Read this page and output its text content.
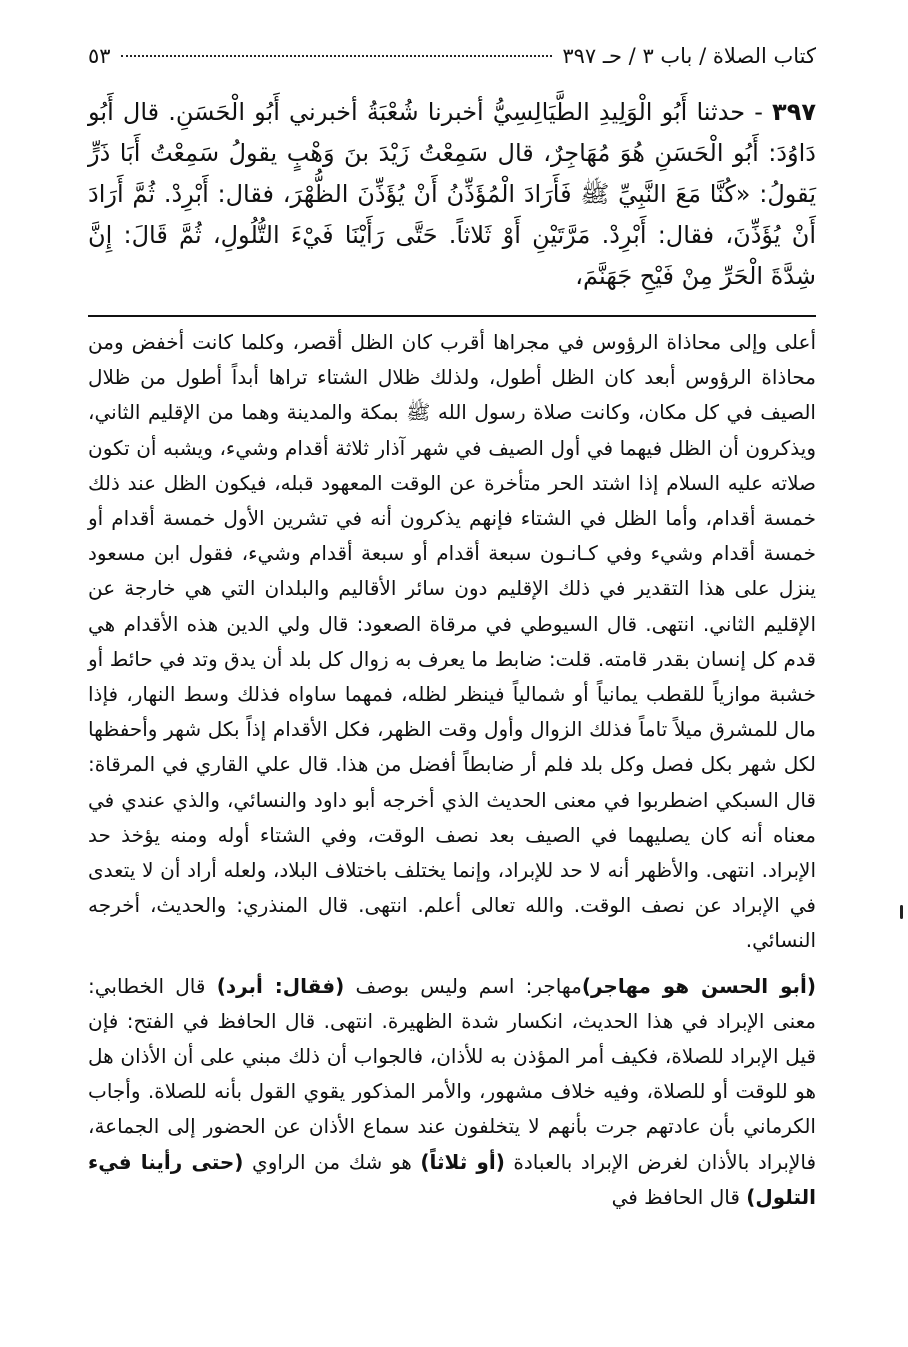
كتاب الصلاة / باب ٣ / حـ ٣٩٧
٥٣
٣٩٧ - حدثنا أَبُو الْوَلِيدِ الطَّيَالِسِيُّ أخبرنا شُعْبَةُ أخبرني أَبُو الْحَسَنِ. قال أَبُو دَاوُدَ: أَبُو الْحَسَنِ هُوَ مُهَاجِرٌ، قال سَمِعْتُ زَيْدَ بنَ وَهْبٍ يقولُ سَمِعْتُ أَبَا ذَرٍّ يَقولُ: «كُنَّا مَعَ النَّبِيِّ ﷺ فَأَرَادَ الْمُؤَذِّنُ أَنْ يُؤَذِّنَ الظُّهْرَ، فقال: أَبْرِدْ. ثُمَّ أَرَادَ أَنْ يُؤَذِّنَ، فقال: أَبْرِدْ. مَرَّتَيْنِ أَوْ ثَلاثاً. حَتَّى رَأَيْنَا فَيْءَ التُّلُولِ، ثُمَّ قَالَ: إِنَّ شِدَّةَ الْحَرِّ مِنْ فَيْحِ جَهَنَّمَ،

أعلى وإلى محاذاة الرؤوس في مجراها أقرب كان الظل أقصر، وكلما كانت أخفض ومن محاذاة الرؤوس أبعد كان الظل أطول، ولذلك ظلال الشتاء تراها أبداً أطول من ظلال الصيف في كل مكان، وكانت صلاة رسول الله ﷺ بمكة والمدينة وهما من الإقليم الثاني، ويذكرون أن الظل فيهما في أول الصيف في شهر آذار ثلاثة أقدام وشيء، ويشبه أن تكون صلاته عليه السلام إذا اشتد الحر متأخرة عن الوقت المعهود قبله، فيكون الظل عند ذلك خمسة أقدام، وأما الظل في الشتاء فإنهم يذكرون أنه في تشرين الأول خمسة أقدام أو خمسة أقدام وشيء وفي كـانـون سبعة أقدام أو سبعة أقدام وشيء، فقول ابن مسعود ينزل على هذا التقدير في ذلك الإقليم دون سائر الأقاليم والبلدان التي هي خارجة عن الإقليم الثاني. انتهى. قال السيوطي في مرقاة الصعود: قال ولي الدين هذه الأقدام هي قدم كل إنسان بقدر قامته. قلت: ضابط ما يعرف به زوال كل بلد أن يدق وتد في حائط أو خشبة موازياً للقطب يمانياً أو شمالياً فينظر لظله، فمهما ساواه فذلك وسط النهار، فإذا مال للمشرق ميلاً تاماً فذلك الزوال وأول وقت الظهر، فكل الأقدام إذاً بكل شهر وأحفظها لكل شهر بكل فصل وكل بلد فلم أر ضابطاً أفضل من هذا. قال علي القاري في المرقاة: قال السبكي اضطربوا في معنى الحديث الذي أخرجه أبو داود والنسائي، والذي عندي في معناه أنه كان يصليهما في الصيف بعد نصف الوقت، وفي الشتاء أوله ومنه يؤخذ حد الإبراد. انتهى. والأظهر أنه لا حد للإبراد، وإنما يختلف باختلاف البلاد، ولعله أراد أن لا يتعدى في الإبراد عن نصف الوقت. والله تعالى أعلم. انتهى. قال المنذري: والحديث، أخرجه النسائي.

(أبو الحسن هو مهاجر)مهاجر: اسم وليس بوصف (فقال: أبرد) قال الخطابي: معنى الإبراد في هذا الحديث، انكسار شدة الظهيرة. انتهى. قال الحافظ في الفتح: فإن قيل الإبراد للصلاة، فكيف أمر المؤذن به للأذان، فالجواب أن ذلك مبني على أن الأذان هل هو للوقت أو للصلاة، وفيه خلاف مشهور، والأمر المذكور يقوي القول بأنه للصلاة. وأجاب الكرماني بأن عادتهم جرت بأنهم لا يتخلفون عند سماع الأذان عن الحضور إلى الجماعة، فالإبراد بالأذان لغرض الإبراد بالعبادة (أو ثلاثاً) هو شك من الراوي (حتى رأينا فيء التلول) قال الحافظ في
